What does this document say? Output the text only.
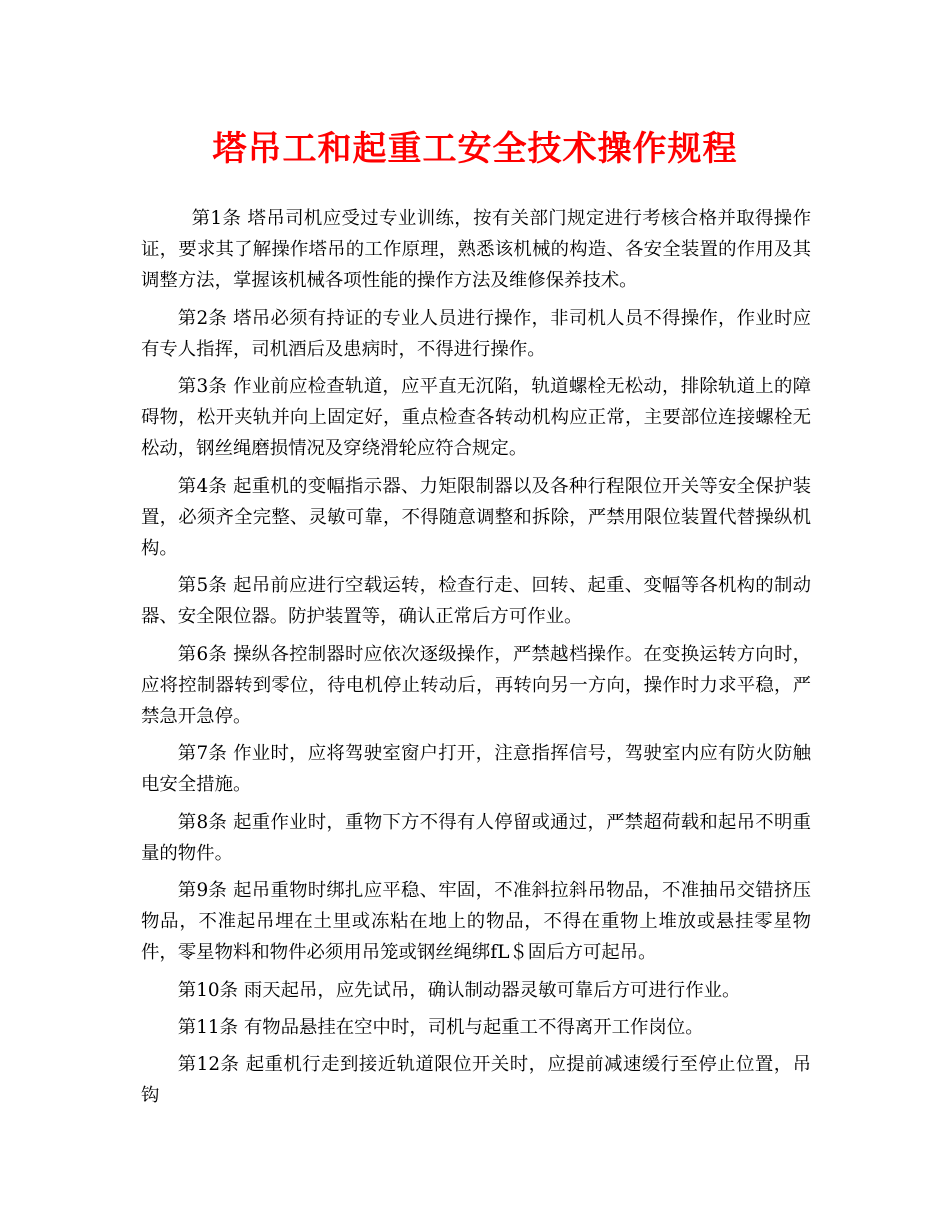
塔吊工和起重工安全技术操作规程

第1条 塔吊司机应受过专业训练，按有关部门规定进行考核合格并取得操作证，要求其了解操作塔吊的工作原理，熟悉该机械的构造、各安全装置的作用及其调整方法，掌握该机械各项性能的操作方法及维修保养技术。

第2条 塔吊必须有持证的专业人员进行操作，非司机人员不得操作，作业时应有专人指挥，司机酒后及患病时，不得进行操作。

第3条 作业前应检查轨道，应平直无沉陷，轨道螺栓无松动，排除轨道上的障碍物，松开夹轨并向上固定好，重点检查各转动机构应正常，主要部位连接螺栓无松动，钢丝绳磨损情况及穿绕滑轮应符合规定。

第4条 起重机的变幅指示器、力矩限制器以及各种行程限位开关等安全保护装置，必须齐全完整、灵敏可靠，不得随意调整和拆除，严禁用限位装置代替操纵机构。

第5条 起吊前应进行空载运转，检查行走、回转、起重、变幅等各机构的制动器、安全限位器。防护装置等，确认正常后方可作业。

第6条 操纵各控制器时应依次逐级操作，严禁越档操作。在变换运转方向时，应将控制器转到零位，待电机停止转动后，再转向另一方向，操作时力求平稳，严禁急开急停。

第7条 作业时，应将驾驶室窗户打开，注意指挥信号，驾驶室内应有防火防触电安全措施。

第8条 起重作业时，重物下方不得有人停留或通过，严禁超荷载和起吊不明重量的物件。

第9条 起吊重物时绑扎应平稳、牢固，不准斜拉斜吊物品，不准抽吊交错挤压物品，不准起吊埋在土里或冻粘在地上的物品，不得在重物上堆放或悬挂零星物件，零星物料和物件必须用吊笼或钢丝绳绑fL＄固后方可起吊。

第10条 雨天起吊，应先试吊，确认制动器灵敏可靠后方可进行作业。

第11条 有物品悬挂在空中时，司机与起重工不得离开工作岗位。

第12条 起重机行走到接近轨道限位开关时，应提前减速缓行至停止位置，吊钩
